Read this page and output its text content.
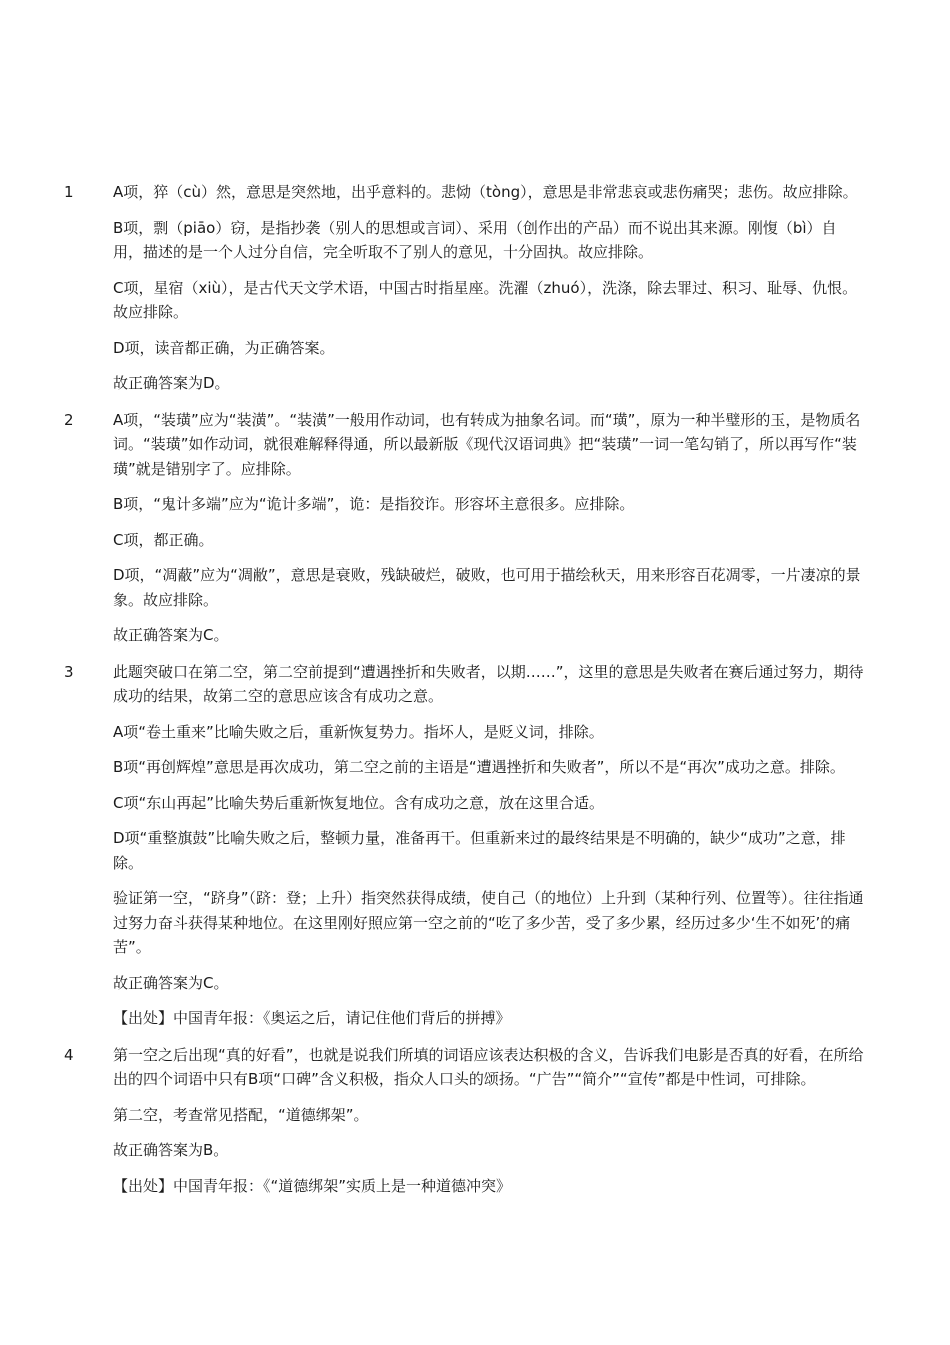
1	A项，猝（cù）然，意思是突然地，出乎意料的。悲恸（tòng），意思是非常悲哀或悲伤痛哭；悲伤。故应排除。

B项，剽（piāo）窃，是指抄袭（别人的思想或言词）、采用（创作出的产品）而不说出其来源。刚愎（bì）自用，描述的是一个人过分自信，完全听取不了别人的意见，十分固执。故应排除。

C项，星宿（xiù），是古代天文学术语，中国古时指星座。洗濯（zhuó），洗涤，除去罪过、积习、耻辱、仇恨。故应排除。

D项，读音都正确，为正确答案。

故正确答案为D。

2	A项，“装璜”应为“装潢”。“装潢”一般用作动词，也有转成为抽象名词。而“璜”，原为一种半璧形的玉，是物质名词。“装璜”如作动词，就很难解释得通，所以最新版《现代汉语词典》把“装璜”一词一笔勾销了，所以再写作“装璜”就是错别字了。应排除。

B项，“鬼计多端”应为“诡计多端”，诡：是指狡诈。形容坏主意很多。应排除。

C项，都正确。

D项，“凋蔽”应为“凋敝”，意思是衰败，残缺破烂，破败，也可用于描绘秋天，用来形容百花凋零，一片凄凉的景象。故应排除。

故正确答案为C。

3	此题突破口在第二空，第二空前提到“遭遇挫折和失败者，以期……”，这里的意思是失败者在赛后通过努力，期待成功的结果，故第二空的意思应该含有成功之意。

A项“卷土重来”比喻失败之后，重新恢复势力。指坏人，是贬义词，排除。

B项“再创辉煌”意思是再次成功，第二空之前的主语是“遭遇挫折和失败者”，所以不是“再次”成功之意。排除。

C项“东山再起”比喻失势后重新恢复地位。含有成功之意，放在这里合适。

D项“重整旗鼓”比喻失败之后，整顿力量，准备再干。但重新来过的最终结果是不明确的，缺少“成功”之意，排除。

验证第一空，“跻身”（跻：登；上升）指突然获得成绩，使自己（的地位）上升到（某种行列、位置等）。往往指通过努力奋斗获得某种地位。在这里刚好照应第一空之前的“吃了多少苦，受了多少累，经历过多少‘生不如死’的痛苦”。

故正确答案为C。

【出处】中国青年报：《奥运之后，请记住他们背后的拼搏》

4	第一空之后出现“真的好看”，也就是说我们所填的词语应该表达积极的含义，告诉我们电影是否真的好看，在所给出的四个词语中只有B项“口碑”含义积极，指众人口头的颂扬。“广告”“简介”“宣传”都是中性词，可排除。

第二空，考查常见搭配，“道德绑架”。

故正确答案为B。

【出处】中国青年报：《“道德绑架”实质上是一种道德冲突》
